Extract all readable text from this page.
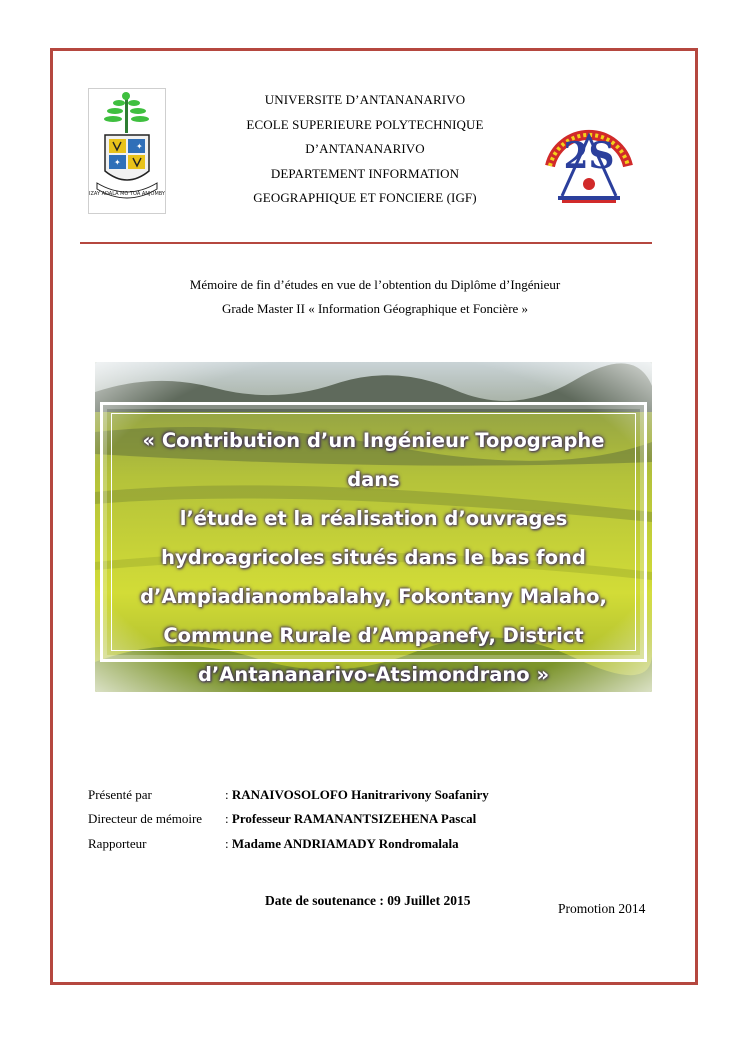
✦
✦
IZAY ADALA MO TOA ANJOMBY
2S
UNIVERSITE D’ANTANANARIVO
ECOLE SUPERIEURE POLYTECHNIQUE
D’ANTANANARIVO
DEPARTEMENT INFORMATION
GEOGRAPHIQUE ET FONCIERE (IGF)
Mémoire de fin d’études en vue de l’obtention du Diplôme d’Ingénieur
Grade Master II « Information Géographique et Foncière »
« Contribution d’un Ingénieur Topographe dans
l’étude et la réalisation d’ouvrages
hydroagricoles situés dans le bas fond
d’Ampiadianombalahy, Fokontany Malaho,
Commune Rurale d’Ampanefy, District
d’Antananarivo-Atsimondrano »
Présenté par	: RANAIVOSOLOFO Hanitrarivony Soafaniry
Directeur de mémoire : Professeur RAMANANTSIZEHENA Pascal
Rapporteur	: Madame ANDRIAMADY Rondromalala
Date de soutenance : 09 Juillet 2015
Promotion 2014
